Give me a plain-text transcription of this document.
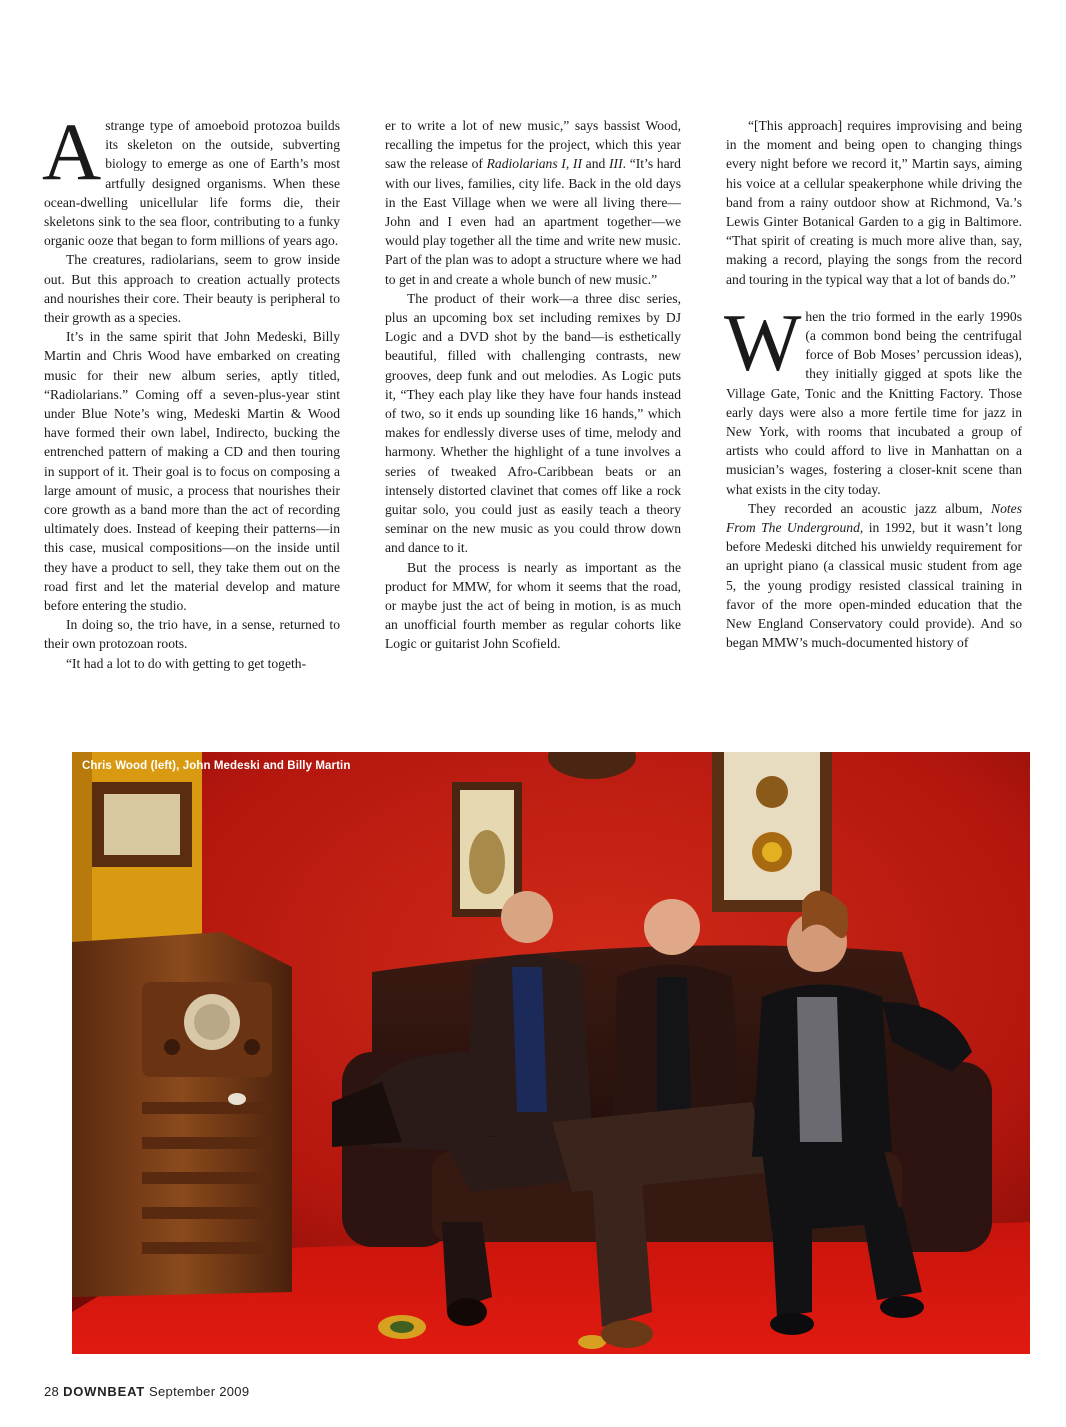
Astrange type of amoeboid protozoa builds its skeleton on the outside, subverting biology to emerge as one of Earth’s most artfully designed organisms. When these ocean-dwelling unicellular life forms die, their skeletons sink to the sea floor, contributing to a funky organic ooze that began to form millions of years ago.

The creatures, radiolarians, seem to grow inside out. But this approach to creation actually protects and nourishes their core. Their beauty is peripheral to their growth as a species.

It’s in the same spirit that John Medeski, Billy Martin and Chris Wood have embarked on creating music for their new album series, aptly titled, “Radiolarians.” Coming off a seven-plus-year stint under Blue Note’s wing, Medeski Martin & Wood have formed their own label, Indirecto, bucking the entrenched pattern of making a CD and then touring in support of it. Their goal is to focus on composing a large amount of music, a process that nourishes their core growth as a band more than the act of recording ultimately does. Instead of keeping their patterns—in this case, musical compositions—on the inside until they have a product to sell, they take them out on the road first and let the material develop and mature before entering the studio.

In doing so, the trio have, in a sense, returned to their own protozoan roots.

“It had a lot to do with getting to get togeth-

er to write a lot of new music,” says bassist Wood, recalling the impetus for the project, which this year saw the release of Radiolarians I, II and III. “It’s hard with our lives, families, city life. Back in the old days in the East Village when we were all living there—John and I even had an apartment together—we would play together all the time and write new music. Part of the plan was to adopt a structure where we had to get in and create a whole bunch of new music.”

The product of their work—a three disc series, plus an upcoming box set including remixes by DJ Logic and a DVD shot by the band—is esthetically beautiful, filled with challenging contrasts, new grooves, deep funk and out melodies. As Logic puts it, “They each play like they have four hands instead of two, so it ends up sounding like 16 hands,” which makes for endlessly diverse uses of time, melody and harmony. Whether the highlight of a tune involves a series of tweaked Afro-Caribbean beats or an intensely distorted clavinet that comes off like a rock guitar solo, you could just as easily teach a theory seminar on the new music as you could throw down and dance to it.

But the process is nearly as important as the product for MMW, for whom it seems that the road, or maybe just the act of being in motion, is as much an unofficial fourth member as regular cohorts like Logic or guitarist John Scofield.

“[This approach] requires improvising and being in the moment and being open to changing things every night before we record it,” Martin says, aiming his voice at a cellular speakerphone while driving the band from a rainy outdoor show at Richmond, Va.’s Lewis Ginter Botanical Garden to a gig in Baltimore. “That spirit of creating is much more alive than, say, making a record, playing the songs from the record and touring in the typical way that a lot of bands do.”

When the trio formed in the early 1990s (a common bond being the centrifugal force of Bob Moses’ percussion ideas), they initially gigged at spots like the Village Gate, Tonic and the Knitting Factory. Those early days were also a more fertile time for jazz in New York, with rooms that incubated a group of artists who could afford to live in Manhattan on a musician’s wages, fostering a closer-knit scene than what exists in the city today.

They recorded an acoustic jazz album, Notes From The Underground, in 1992, but it wasn’t long before Medeski ditched his unwieldy requirement for an upright piano (a classical music student from age 5, the young prodigy resisted classical training in favor of the more open-minded education that the New England Conservatory could provide). And so began MMW’s much-documented history of

Chris Wood (left), John Medeski and Billy Martin
28 DOWNBEAT September 2009
